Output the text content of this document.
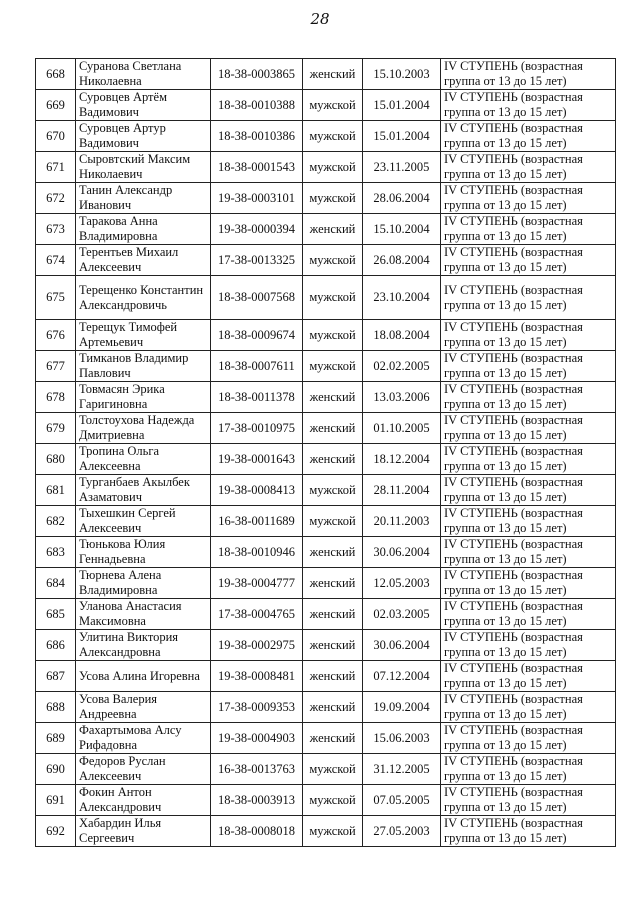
28
668	Суранова Светлана Николаевна	18-38-0003865	женский	15.10.2003	IV СТУПЕНЬ (возрастная группа от 13 до 15 лет)
669	Суровцев Артём Вадимович	18-38-0010388	мужской	15.01.2004	IV СТУПЕНЬ (возрастная группа от 13 до 15 лет)
670	Суровцев Артур Вадимович	18-38-0010386	мужской	15.01.2004	IV СТУПЕНЬ (возрастная группа от 13 до 15 лет)
671	Сыровтский Максим Николаевич	18-38-0001543	мужской	23.11.2005	IV СТУПЕНЬ (возрастная группа от 13 до 15 лет)
672	Танин Александр Иванович	19-38-0003101	мужской	28.06.2004	IV СТУПЕНЬ (возрастная группа от 13 до 15 лет)
673	Таракова Анна Владимировна	19-38-0000394	женский	15.10.2004	IV СТУПЕНЬ (возрастная группа от 13 до 15 лет)
674	Терентьев Михаил Алексеевич	17-38-0013325	мужской	26.08.2004	IV СТУПЕНЬ (возрастная группа от 13 до 15 лет)
675	Терещенко Константин Александровичь	18-38-0007568	мужской	23.10.2004	IV СТУПЕНЬ (возрастная группа от 13 до 15 лет)
676	Терещук Тимофей Артемьевич	18-38-0009674	мужской	18.08.2004	IV СТУПЕНЬ (возрастная группа от 13 до 15 лет)
677	Тимканов Владимир Павлович	18-38-0007611	мужской	02.02.2005	IV СТУПЕНЬ (возрастная группа от 13 до 15 лет)
678	Товмасян Эрика Гаригиновна	18-38-0011378	женский	13.03.2006	IV СТУПЕНЬ (возрастная группа от 13 до 15 лет)
679	Толстоухова Надежда Дмитриевна	17-38-0010975	женский	01.10.2005	IV СТУПЕНЬ (возрастная группа от 13 до 15 лет)
680	Тропина Ольга Алексеевна	19-38-0001643	женский	18.12.2004	IV СТУПЕНЬ (возрастная группа от 13 до 15 лет)
681	Турганбаев Акылбек Азаматович	19-38-0008413	мужской	28.11.2004	IV СТУПЕНЬ (возрастная группа от 13 до 15 лет)
682	Тыхешкин Сергей Алексеевич	16-38-0011689	мужской	20.11.2003	IV СТУПЕНЬ (возрастная группа от 13 до 15 лет)
683	Тюнькова Юлия Геннадьевна	18-38-0010946	женский	30.06.2004	IV СТУПЕНЬ (возрастная группа от 13 до 15 лет)
684	Тюрнева Алена Владимировна	19-38-0004777	женский	12.05.2003	IV СТУПЕНЬ (возрастная группа от 13 до 15 лет)
685	Уланова Анастасия Максимовна	17-38-0004765	женский	02.03.2005	IV СТУПЕНЬ (возрастная группа от 13 до 15 лет)
686	Улитина Виктория Александровна	19-38-0002975	женский	30.06.2004	IV СТУПЕНЬ (возрастная группа от 13 до 15 лет)
687	Усова Алина Игоревна	19-38-0008481	женский	07.12.2004	IV СТУПЕНЬ (возрастная группа от 13 до 15 лет)
688	Усова Валерия Андреевна	17-38-0009353	женский	19.09.2004	IV СТУПЕНЬ (возрастная группа от 13 до 15 лет)
689	Фахартымова Алсу Рифадовна	19-38-0004903	женский	15.06.2003	IV СТУПЕНЬ (возрастная группа от 13 до 15 лет)
690	Федоров Руслан Алексеевич	16-38-0013763	мужской	31.12.2005	IV СТУПЕНЬ (возрастная группа от 13 до 15 лет)
691	Фокин Антон Александрович	18-38-0003913	мужской	07.05.2005	IV СТУПЕНЬ (возрастная группа от 13 до 15 лет)
692	Хабардин Илья Сергеевич	18-38-0008018	мужской	27.05.2003	IV СТУПЕНЬ (возрастная группа от 13 до 15 лет)
